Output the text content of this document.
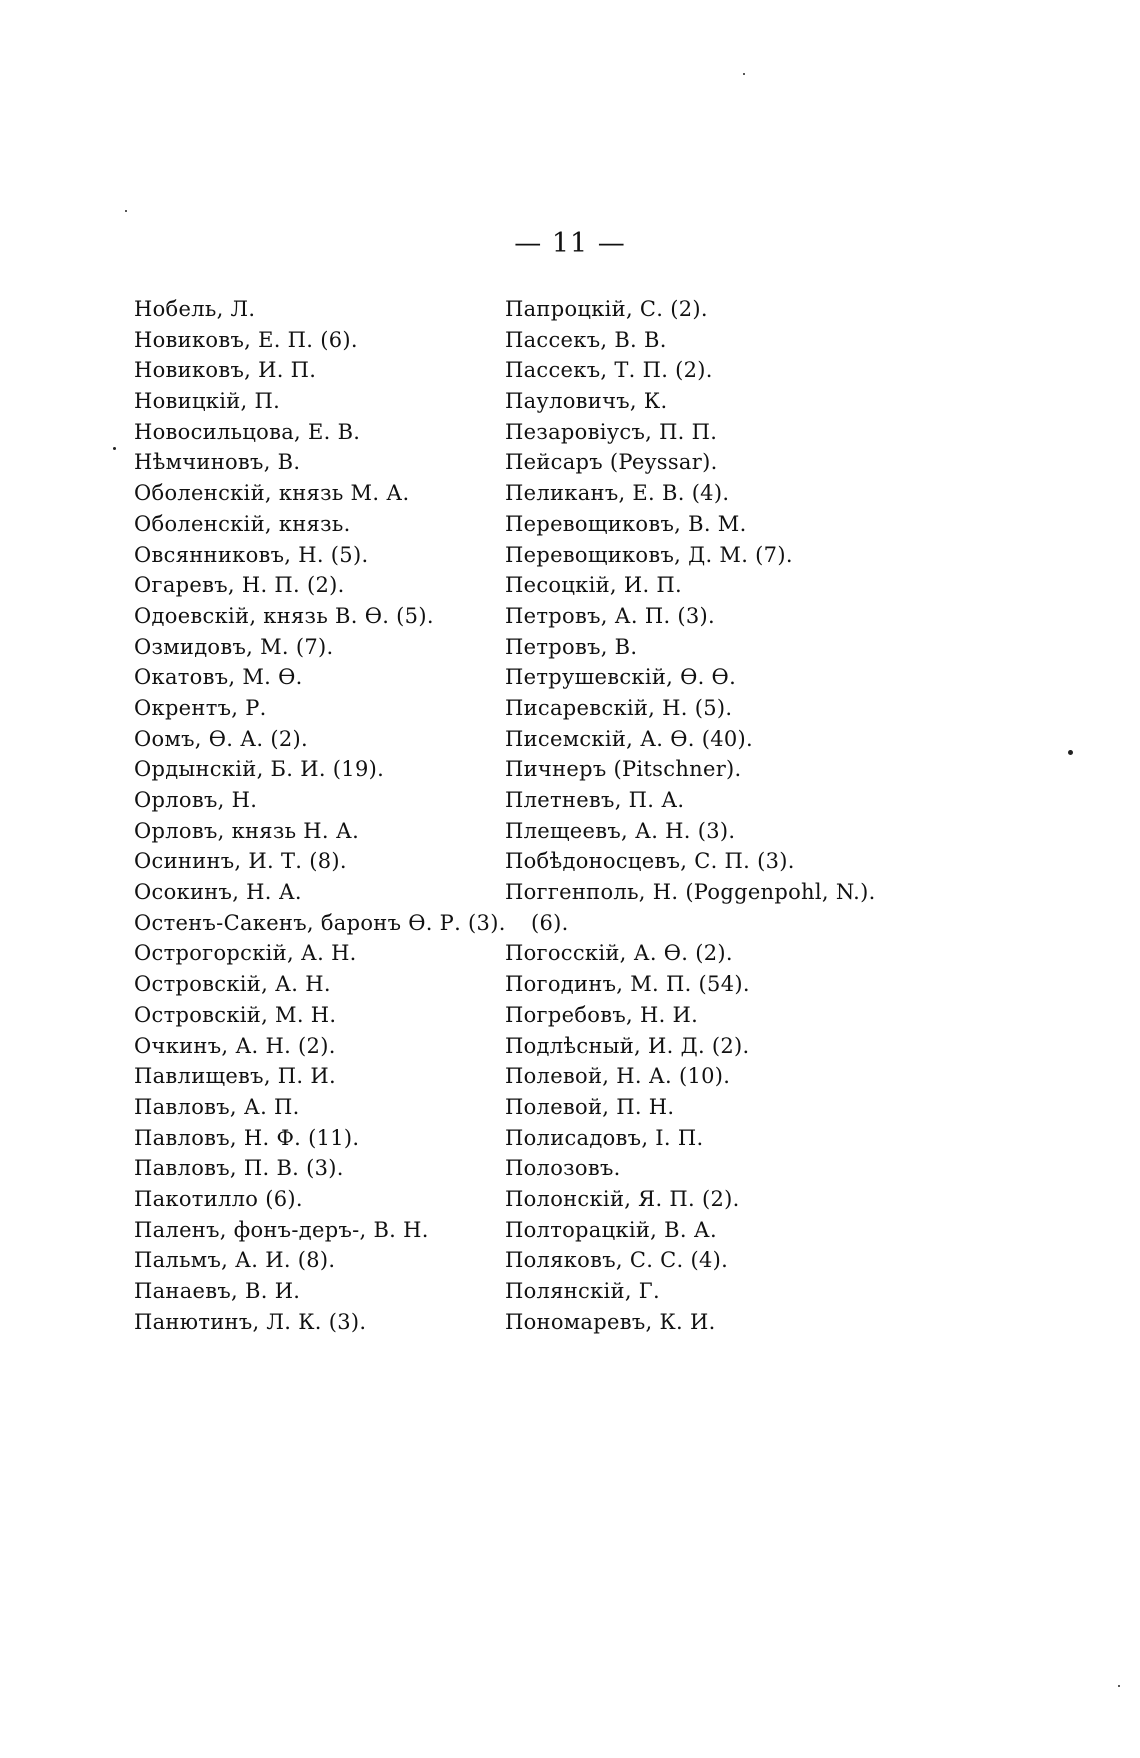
— 11 —
Нобель, Л.
Новиковъ, Е. П. (6).
Новиковъ, И. П.
Новицкій, П.
Новосильцова, Е. В.
Нѣмчиновъ, В.
Оболенскій, князь М. А.
Оболенскій, князь.
Овсянниковъ, Н. (5).
Огаревъ, Н. П. (2).
Одоевскій, князь В. Ѳ. (5).
Озмидовъ, М. (7).
Окатовъ, М. Ѳ.
Окрентъ, Р.
Оомъ, Ѳ. А. (2).
Ордынскій, Б. И. (19).
Орловъ, Н.
Орловъ, князь Н. А.
Осининъ, И. Т. (8).
Осокинъ, Н. А.
Остенъ-Сакенъ, баронъ Ѳ. Р. (3).
Острогорскій, А. Н.
Островскій, А. Н.
Островскій, М. Н.
Очкинъ, А. Н. (2).
Павлищевъ, П. И.
Павловъ, А. П.
Павловъ, Н. Ф. (11).
Павловъ, П. В. (3).
Пакотилло (6).
Паленъ, фонъ-деръ-, В. Н.
Пальмъ, А. И. (8).
Панаевъ, В. И.
Панютинъ, Л. К. (3).
Папроцкій, С. (2).
Пассекъ, В. В.
Пассекъ, Т. П. (2).
Пауловичъ, К.
Пезаровіусъ, П. П.
Пейсаръ (Peyssar).
Пеликанъ, Е. В. (4).
Перевощиковъ, В. М.
Перевощиковъ, Д. М. (7).
Песоцкій, И. П.
Петровъ, А. П. (3).
Петровъ, В.
Петрушевскій, Ѳ. Ѳ.
Писаревскій, Н. (5).
Писемскій, А. Ѳ. (40).
Пичнеръ (Pitschner).
Плетневъ, П. А.
Плещеевъ, А. Н. (3).
Побѣдоносцевъ, С. П. (3).
Поггенполь, Н. (Poggenpohl, N.).
(6).
Погосскій, А. Ѳ. (2).
Погодинъ, М. П. (54).
Погребовъ, Н. И.
Подлѣсный, И. Д. (2).
Полевой, Н. А. (10).
Полевой, П. Н.
Полисадовъ, І. П.
Полозовъ.
Полонскій, Я. П. (2).
Полторацкій, В. А.
Поляковъ, С. С. (4).
Полянскій, Г.
Пономаревъ, К. И.
